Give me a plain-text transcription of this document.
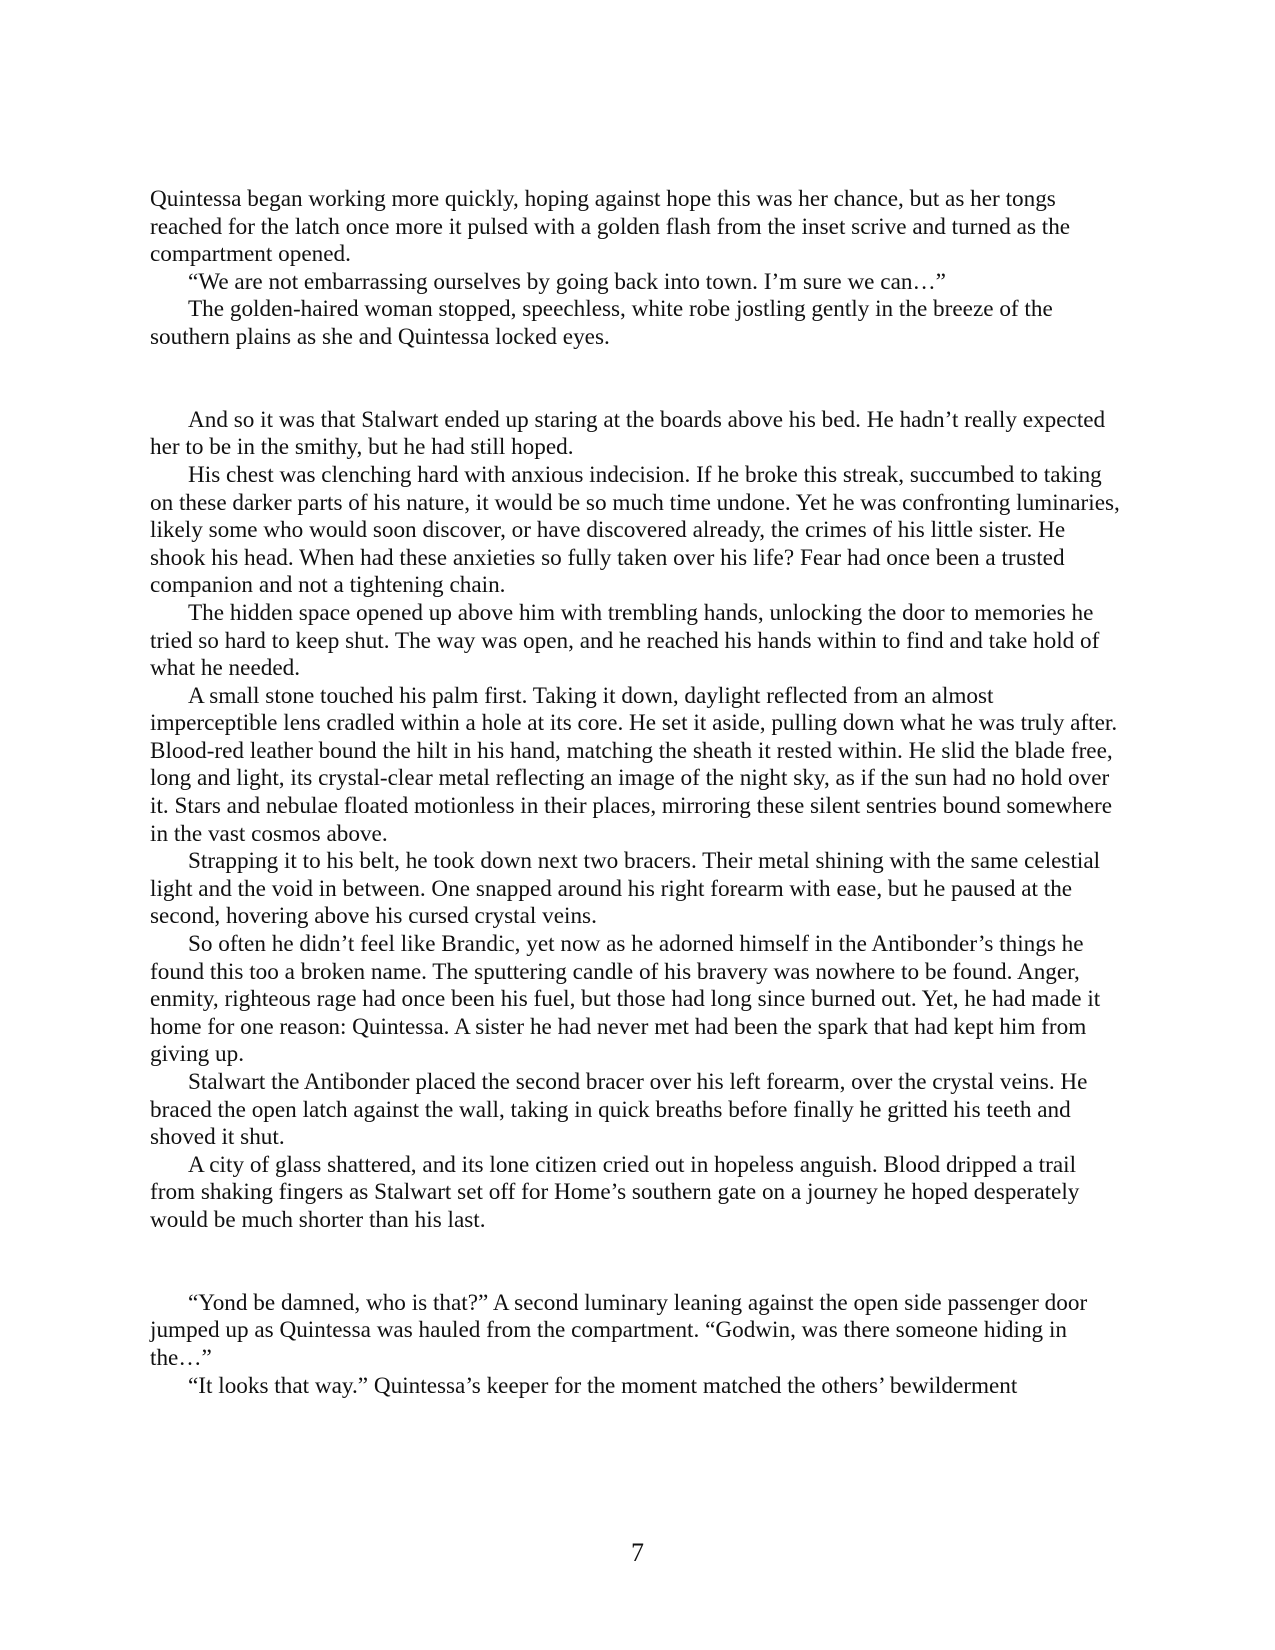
Quintessa began working more quickly, hoping against hope this was her chance, but as her tongs reached for the latch once more it pulsed with a golden flash from the inset scrive and turned as the compartment opened.

“We are not embarrassing ourselves by going back into town. I’m sure we can…”

The golden-haired woman stopped, speechless, white robe jostling gently in the breeze of the southern plains as she and Quintessa locked eyes.

And so it was that Stalwart ended up staring at the boards above his bed. He hadn’t really expected her to be in the smithy, but he had still hoped.

His chest was clenching hard with anxious indecision. If he broke this streak, succumbed to taking on these darker parts of his nature, it would be so much time undone. Yet he was confronting luminaries, likely some who would soon discover, or have discovered already, the crimes of his little sister. He shook his head. When had these anxieties so fully taken over his life? Fear had once been a trusted companion and not a tightening chain.

The hidden space opened up above him with trembling hands, unlocking the door to memories he tried so hard to keep shut. The way was open, and he reached his hands within to find and take hold of what he needed.

A small stone touched his palm first. Taking it down, daylight reflected from an almost imperceptible lens cradled within a hole at its core. He set it aside, pulling down what he was truly after. Blood-red leather bound the hilt in his hand, matching the sheath it rested within. He slid the blade free, long and light, its crystal-clear metal reflecting an image of the night sky, as if the sun had no hold over it. Stars and nebulae floated motionless in their places, mirroring these silent sentries bound somewhere in the vast cosmos above.

Strapping it to his belt, he took down next two bracers. Their metal shining with the same celestial light and the void in between. One snapped around his right forearm with ease, but he paused at the second, hovering above his cursed crystal veins.

So often he didn’t feel like Brandic, yet now as he adorned himself in the Antibonder’s things he found this too a broken name. The sputtering candle of his bravery was nowhere to be found. Anger, enmity, righteous rage had once been his fuel, but those had long since burned out. Yet, he had made it home for one reason: Quintessa. A sister he had never met had been the spark that had kept him from giving up.

Stalwart the Antibonder placed the second bracer over his left forearm, over the crystal veins. He braced the open latch against the wall, taking in quick breaths before finally he gritted his teeth and shoved it shut.

A city of glass shattered, and its lone citizen cried out in hopeless anguish. Blood dripped a trail from shaking fingers as Stalwart set off for Home’s southern gate on a journey he hoped desperately would be much shorter than his last.

“Yond be damned, who is that?” A second luminary leaning against the open side passenger door jumped up as Quintessa was hauled from the compartment. “Godwin, was there someone hiding in the…”

“It looks that way.” Quintessa’s keeper for the moment matched the others’ bewilderment

7
